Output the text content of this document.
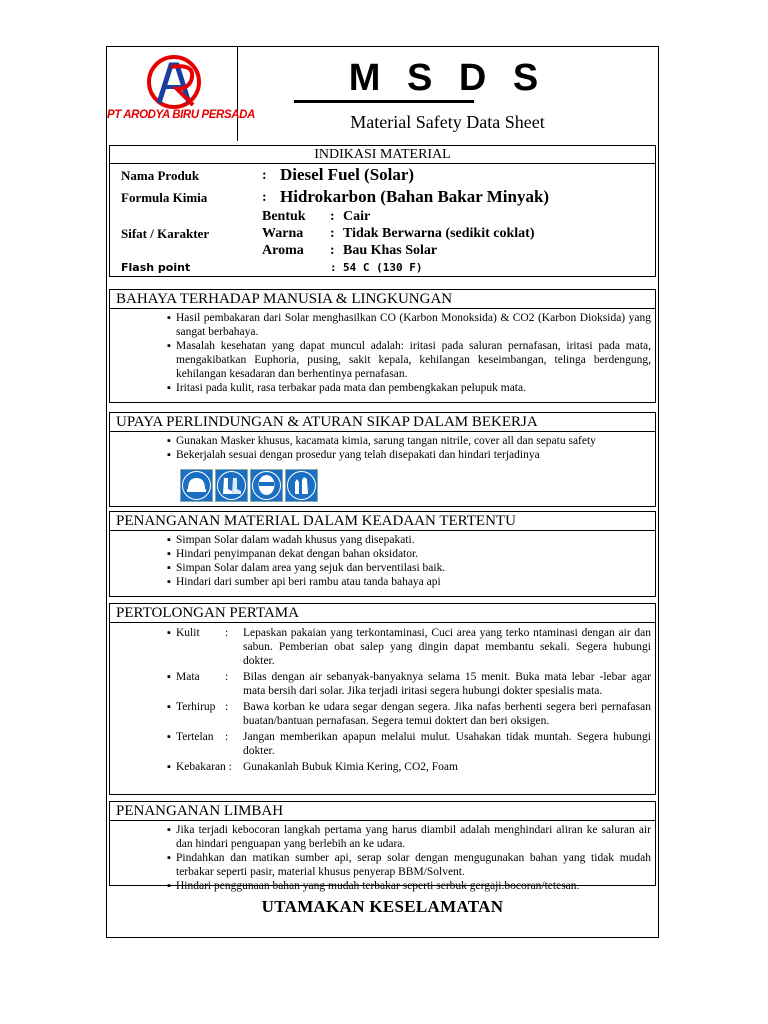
PT ARODYA BIRU PERSADA
M S D S
Material Safety Data Sheet
INDIKASI MATERIAL
Nama Produk	: Diesel Fuel (Solar)
Formula Kimia	: Hidrokarbon (Bahan Bakar Minyak)
Bentuk : Cair
Sifat / Karakter	Warna : Tidak Berwarna (sedikit coklat)
Aroma : Bau Khas Solar
Flash point	: 54 C (130 F)
BAHAYA TERHADAP MANUSIA & LINGKUNGAN
▪ Hasil pembakaran dari Solar menghasilkan CO (Karbon Monoksida) & CO2 (Karbon Dioksida) yang sangat berbahaya.
▪ Masalah kesehatan yang dapat muncul adalah: iritasi pada saluran pernafasan, iritasi pada mata, mengakibatkan Euphoria, pusing, sakit kepala, kehilangan keseimbangan, telinga berdengung, kehilangan kesadaran dan berhentinya pernafasan.
▪ Iritasi pada kulit, rasa terbakar pada mata dan pembengkakan pelupuk mata.
UPAYA PERLINDUNGAN & ATURAN SIKAP DALAM BEKERJA
▪ Gunakan Masker khusus, kacamata kimia, sarung tangan nitrile, cover all dan sepatu safety
▪ Bekerjalah sesuai dengan prosedur yang telah disepakati dan hindari terjadinya
PENANGANAN MATERIAL DALAM KEADAAN TERTENTU
▪ Simpan Solar dalam wadah khusus yang disepakati.
▪ Hindari penyimpanan dekat dengan bahan oksidator.
▪ Simpan Solar dalam area yang sejuk dan berventilasi baik.
▪ Hindari dari sumber api beri rambu atau tanda bahaya api
PERTOLONGAN PERTAMA
▪ Kulit : Lepaskan pakaian yang terkontaminasi, Cuci area yang terko ntaminasi dengan air dan sabun. Pemberian obat salep yang dingin dapat membantu sekali. Segera hubungi dokter.
▪ Mata : Bilas dengan air sebanyak-banyaknya selama 15 menit. Buka mata lebar -lebar agar mata bersih dari solar. Jika terjadi iritasi segera hubungi dokter spesialis mata.
▪ Terhirup : Bawa korban ke udara segar dengan segera. Jika nafas berhenti segera beri pernafasan buatan/bantuan pernafasan. Segera temui doktert dan beri oksigen.
▪ Tertelan : Jangan memberikan apapun melalui mulut. Usahakan tidak muntah. Segera hubungi dokter.
▪ Kebakaran : Gunakanlah Bubuk Kimia Kering, CO2, Foam
PENANGANAN LIMBAH
▪ Jika terjadi kebocoran langkah pertama yang harus diambil adalah menghindari aliran ke saluran air dan hindari penguapan yang berlebih an ke udara.
▪ Pindahkan dan matikan sumber api, serap solar dengan mengugunakan bahan yang tidak mudah terbakar seperti pasir, material khusus penyerap BBM/Solvent.
▪ Hindari penggunaan bahan yang mudah terbakar seperti serbuk gergaji.bocoran/tetesan.
UTAMAKAN KESELAMATAN
